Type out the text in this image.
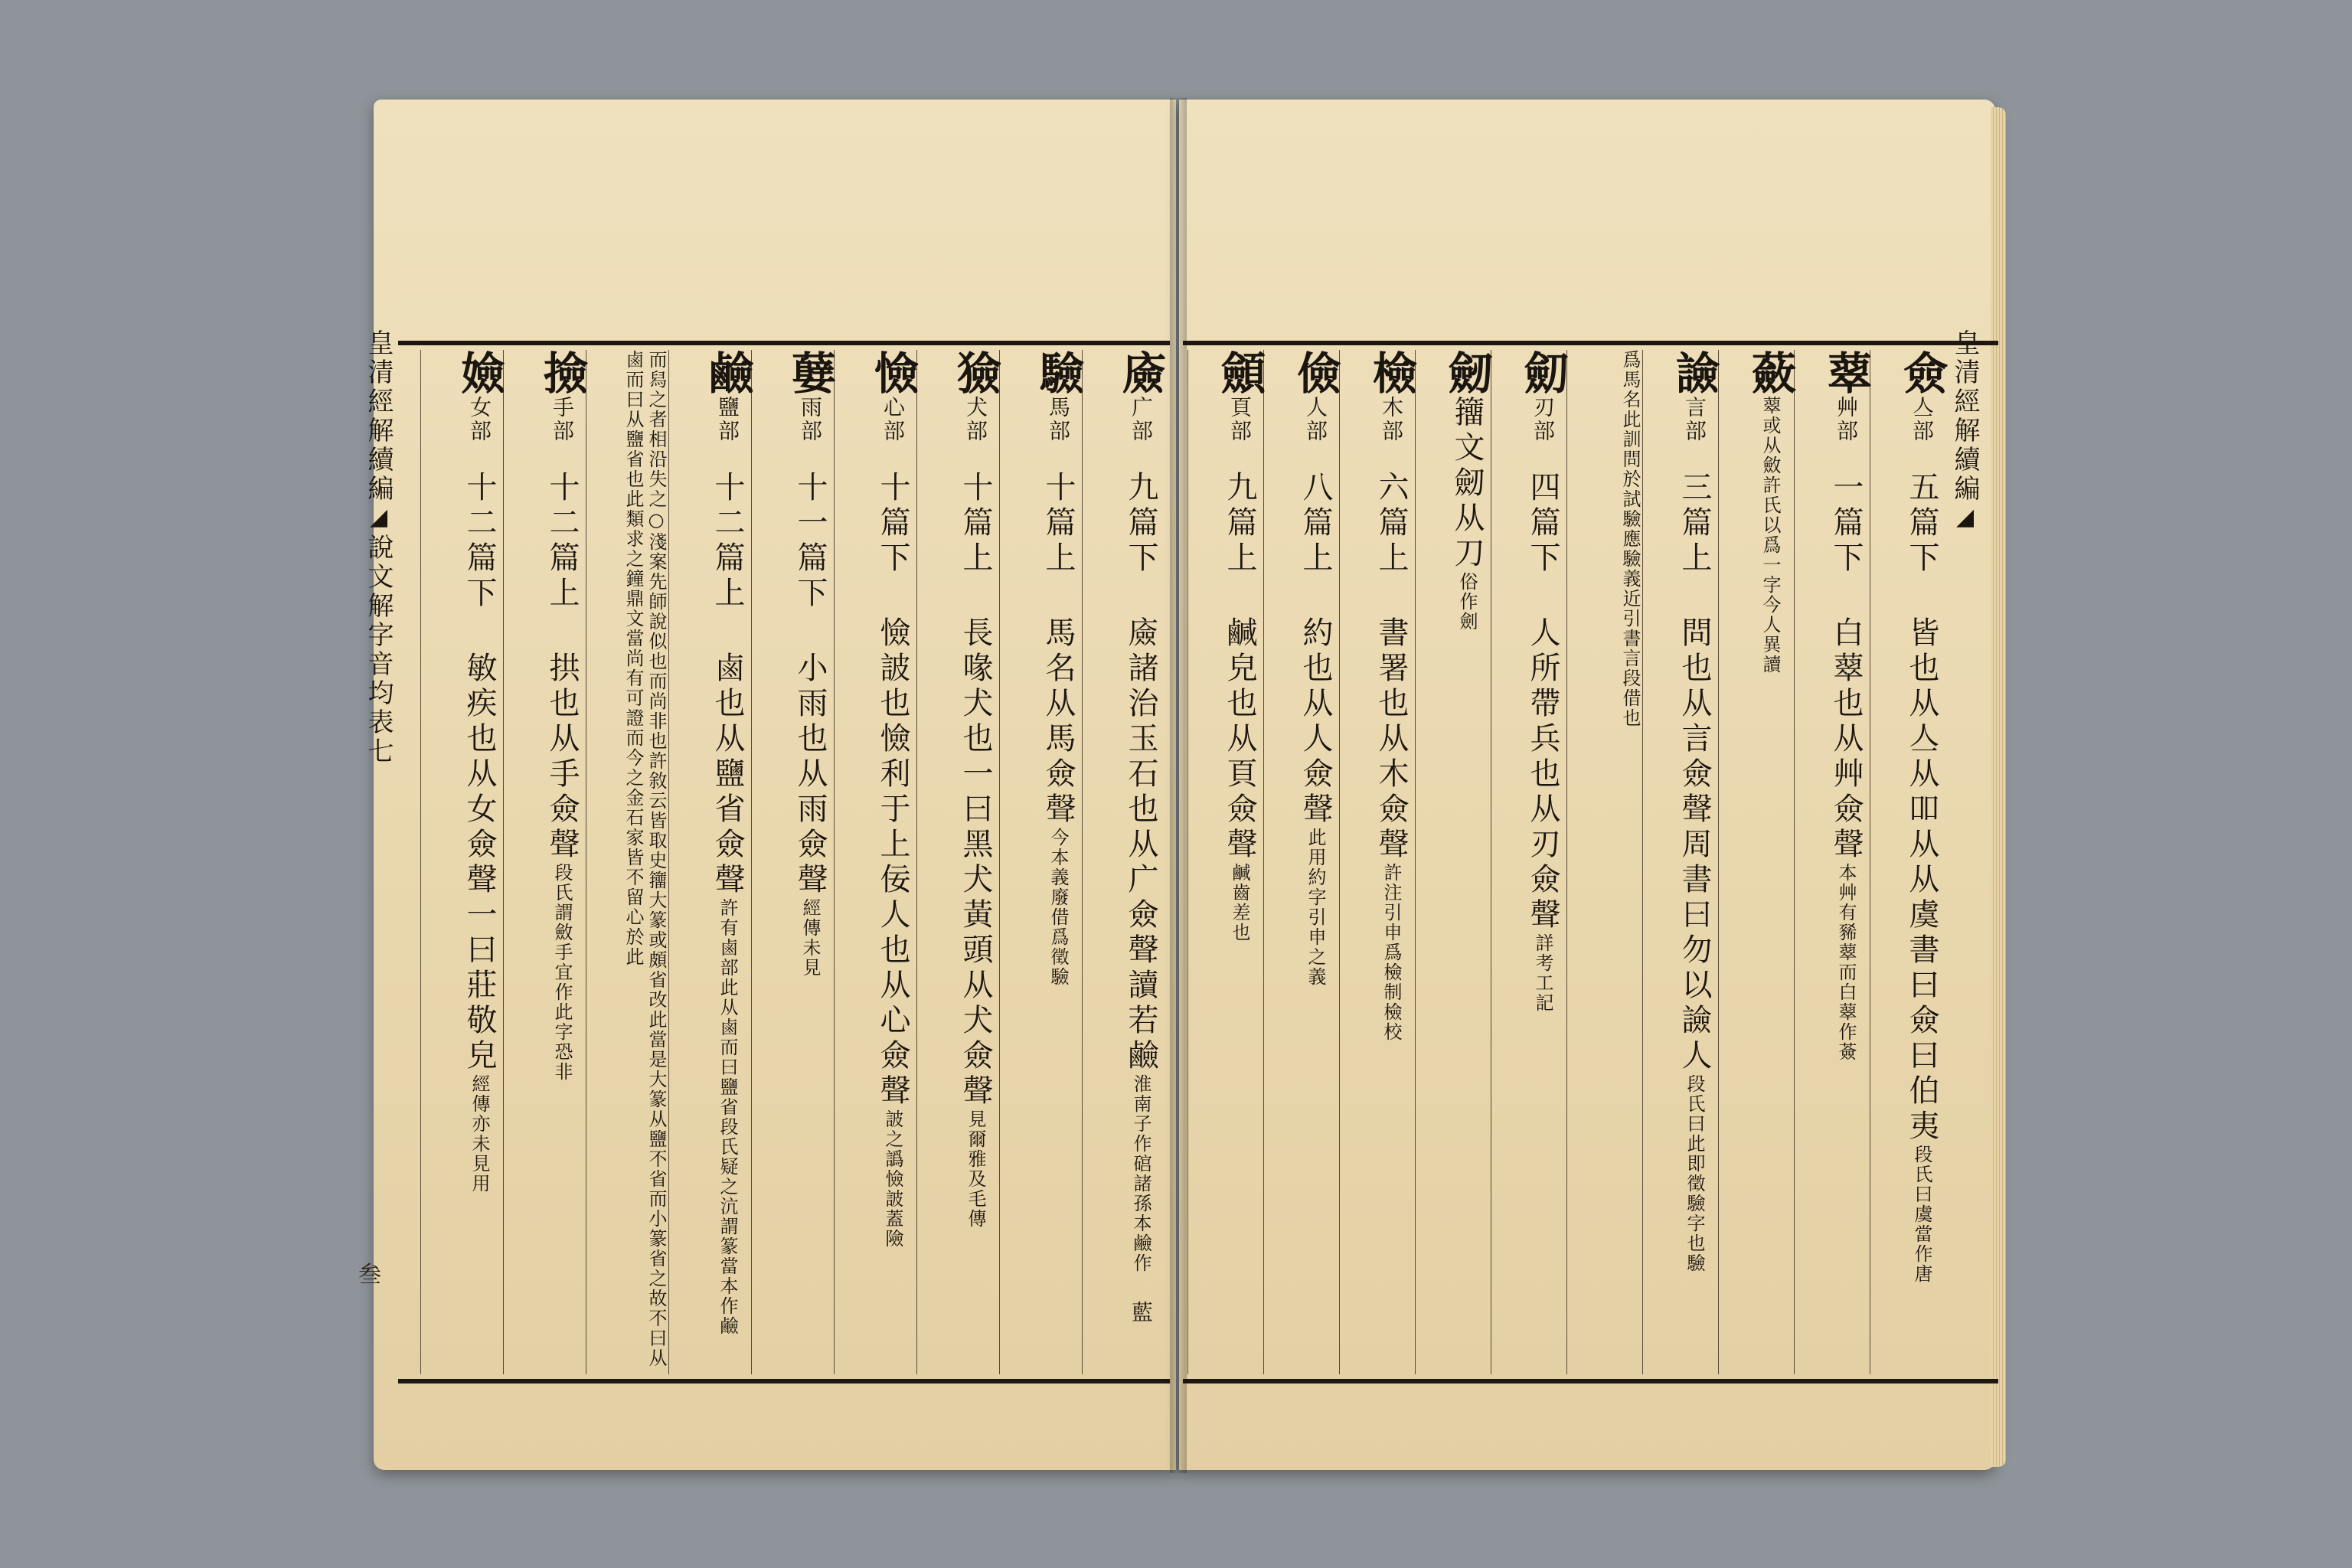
皇清經解續編◢說文解字音均表七
叁
㢛广部 九篇下 㢛諸治玉石也从广僉聲讀若鹼淮南子作䃔諸孫本鹼作 藍
驗馬部 十篇上 馬名从馬僉聲今本義廢借爲徵驗
獫犬部 十篇上 長喙犬也一曰黑犬黃頭从犬僉聲見爾雅及毛傳
憸心部 十篇下 憸詖也憸利于上佞人也从心僉聲詖之譌憸詖蓋險
㜸雨部 十一篇下 小雨也从雨僉聲經傳未見
鹼鹽部 十二篇上 鹵也从鹽省僉聲許有鹵部此从鹵而曰鹽省段氏疑之沆謂篆當本作鹼
而舄之者相沿失之○淺案先師說似也而尚非也許敘云皆取史籒大篆或頗省改此當是大篆从鹽不省而小篆省之故不曰从鹵而曰从鹽省也此類求之鐘鼎文當尚有可證而今之金石家皆不留心於此
撿手部 十二篇上 拱也从手僉聲段氏謂斂手宜作此字恐非
嬐女部 十二篇下 敏疾也从女僉聲一曰莊敬皃經傳亦未見用
皇清經解續編◢
僉亼部 五篇下 皆也从亼从吅从从虞書曰僉曰伯夷段氏曰虞當作唐
䕜艸部 一篇下 白䕜也从艸僉聲本艸有豨䕜而白䕜作薟
蘞䕜或从斂許氏以爲一字今人異讀
譣言部 三篇上 問也从言僉聲周書曰勿以譣人段氏曰此即徵驗字也驗
爲馬名此訓問於試驗應驗義近引書言段借也
劎刃部 四篇下 人所帶兵也从刃僉聲詳考工記
劒籒文劒从刀俗作劍
檢木部 六篇上 書署也从木僉聲許注引申爲檢制檢校
儉人部 八篇上 約也从人僉聲此用約字引申之義
顩頁部 九篇上 鹹皃也从頁僉聲鹹齒差也
